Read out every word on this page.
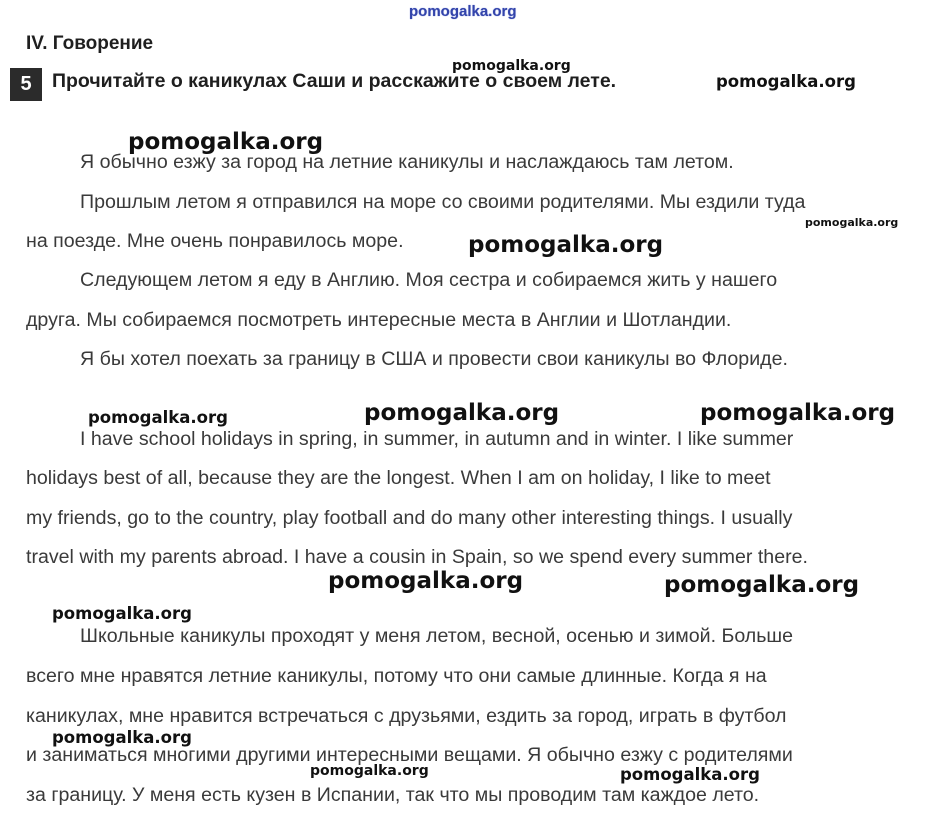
pomogalka.org
IV. Говорение
5	Прочитайте о каникулах Саши и расскажите о своем лете.
Я обычно езжу за город на летние каникулы и наслаждаюсь там летом.
Прошлым летом я отправился на море со своими родителями. Мы ездили туда
на поезде. Мне очень понравилось море.
Следующем летом я еду в Англию. Моя сестра и собираемся жить у нашего
друга. Мы собираемся посмотреть интересные места в Англии и Шотландии.
Я бы хотел поехать за границу в США и провести свои каникулы во Флориде.
I have school holidays in spring, in summer, in autumn and in winter. I like summer
holidays best of all, because they are the longest. When I am on holiday, I like to meet
my friends, go to the country, play football and do many other interesting things. I usually
travel with my parents abroad. I have a cousin in Spain, so we spend every summer there.
Школьные каникулы проходят у меня летом, весной, осенью и зимой. Больше
всего мне нравятся летние каникулы, потому что они самые длинные. Когда я на
каникулах, мне нравится встречаться с друзьями, ездить за город, играть в футбол
и заниматься многими другими интересными вещами. Я обычно езжу с родителями
за границу. У меня есть кузен в Испании, так что мы проводим там каждое лето.
pomogalka.org
pomogalka.org
pomogalka.org
pomogalka.org
pomogalka.org
pomogalka.org	pomogalka.org	pomogalka.org
pomogalka.org	pomogalka.org
pomogalka.org
pomogalka.org
pomogalka.org	pomogalka.org
